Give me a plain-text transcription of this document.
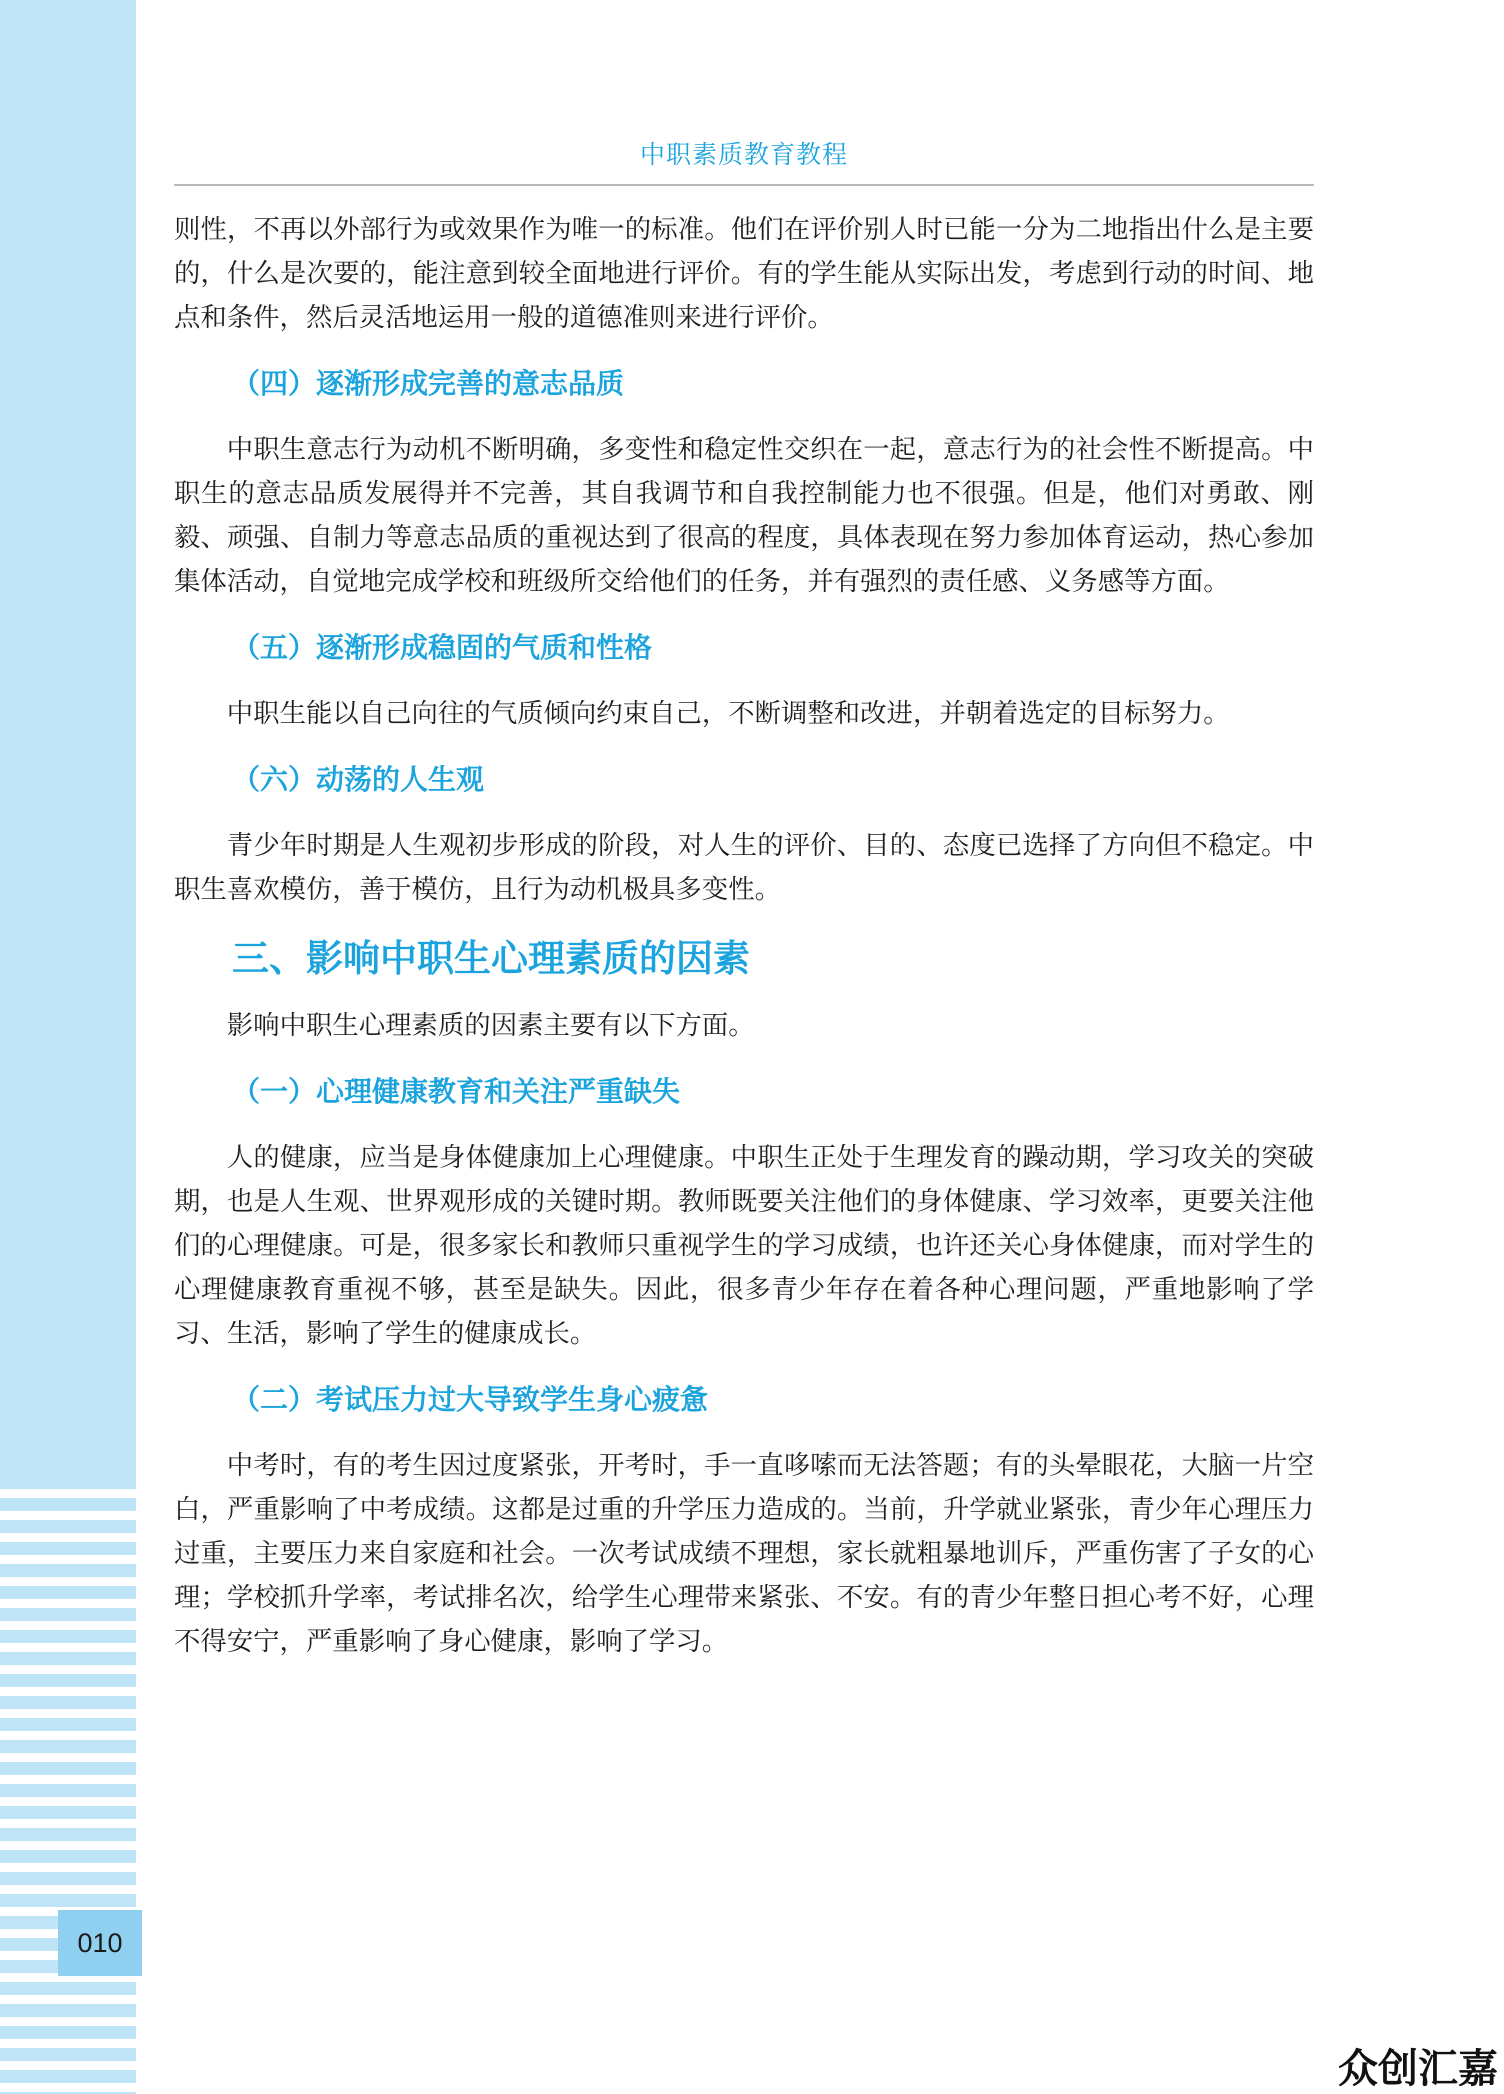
010
中职素质教育教程

则性，不再以外部行为或效果作为唯一的标准。他们在评价别人时已能一分为二地指出什么是主要的，什么是次要的，能注意到较全面地进行评价。有的学生能从实际出发，考虑到行动的时间、地点和条件，然后灵活地运用一般的道德准则来进行评价。

（四）逐渐形成完善的意志品质

中职生意志行为动机不断明确，多变性和稳定性交织在一起，意志行为的社会性不断提高。中职生的意志品质发展得并不完善，其自我调节和自我控制能力也不很强。但是，他们对勇敢、刚毅、顽强、自制力等意志品质的重视达到了很高的程度，具体表现在努力参加体育运动，热心参加集体活动，自觉地完成学校和班级所交给他们的任务，并有强烈的责任感、义务感等方面。

（五）逐渐形成稳固的气质和性格

中职生能以自己向往的气质倾向约束自己，不断调整和改进，并朝着选定的目标努力。

（六）动荡的人生观

青少年时期是人生观初步形成的阶段，对人生的评价、目的、态度已选择了方向但不稳定。中职生喜欢模仿，善于模仿，且行为动机极具多变性。

三、影响中职生心理素质的因素

影响中职生心理素质的因素主要有以下方面。

（一）心理健康教育和关注严重缺失

人的健康，应当是身体健康加上心理健康。中职生正处于生理发育的躁动期，学习攻关的突破期，也是人生观、世界观形成的关键时期。教师既要关注他们的身体健康、学习效率，更要关注他们的心理健康。可是，很多家长和教师只重视学生的学习成绩，也许还关心身体健康，而对学生的心理健康教育重视不够，甚至是缺失。因此，很多青少年存在着各种心理问题，严重地影响了学习、生活，影响了学生的健康成长。

（二）考试压力过大导致学生身心疲惫

中考时，有的考生因过度紧张，开考时，手一直哆嗦而无法答题；有的头晕眼花，大脑一片空白，严重影响了中考成绩。这都是过重的升学压力造成的。当前，升学就业紧张，青少年心理压力过重，主要压力来自家庭和社会。一次考试成绩不理想，家长就粗暴地训斥，严重伤害了子女的心理；学校抓升学率，考试排名次，给学生心理带来紧张、不安。有的青少年整日担心考不好，心理不得安宁，严重影响了身心健康，影响了学习。

众创汇嘉
